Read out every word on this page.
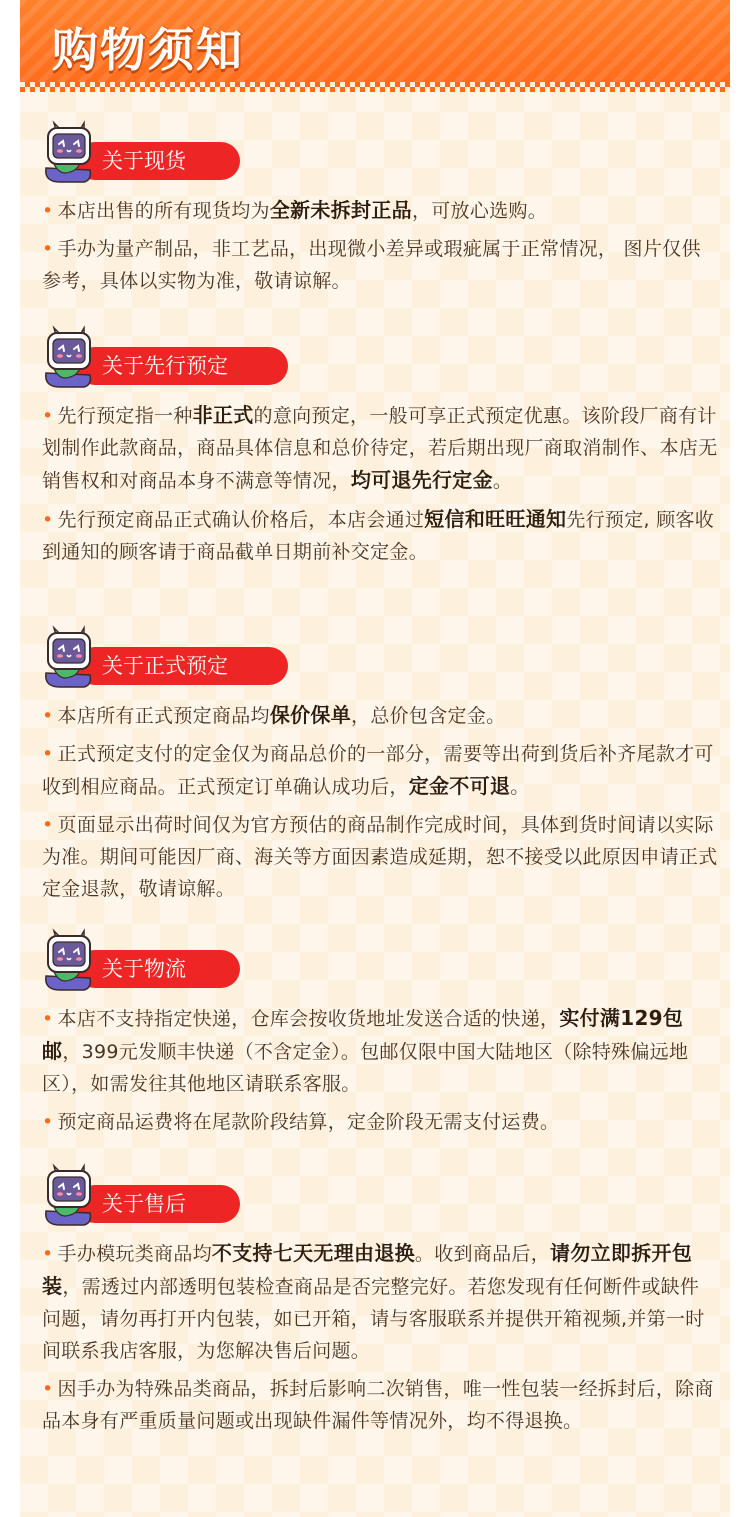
购物须知
关于现货
• 本店出售的所有现货均为全新未拆封正品，可放心选购。
• 手办为量产制品，非工艺品，出现微小差异或瑕疵属于正常情况， 图片仅供参考，具体以实物为准，敬请谅解。
关于先行预定
• 先行预定指一种非正式的意向预定，一般可享正式预定优惠。该阶段厂商有计划制作此款商品，商品具体信息和总价待定，若后期出现厂商取消制作、本店无销售权和对商品本身不满意等情况，均可退先行定金。
• 先行预定商品正式确认价格后，本店会通过短信和旺旺通知先行预定, 顾客收到通知的顾客请于商品截单日期前补交定金。
关于正式预定
• 本店所有正式预定商品均保价保单，总价包含定金。
• 正式预定支付的定金仅为商品总价的一部分，需要等出荷到货后补齐尾款才可收到相应商品。正式预定订单确认成功后，定金不可退。
• 页面显示出荷时间仅为官方预估的商品制作完成时间，具体到货时间请以实际为准。期间可能因厂商、海关等方面因素造成延期，恕不接受以此原因申请正式定金退款，敬请谅解。
关于物流
• 本店不支持指定快递，仓库会按收货地址发送合适的快递，实付满129包邮，399元发顺丰快递（不含定金）。包邮仅限中国大陆地区（除特殊偏远地区），如需发往其他地区请联系客服。
• 预定商品运费将在尾款阶段结算，定金阶段无需支付运费。
关于售后
• 手办模玩类商品均不支持七天无理由退换。收到商品后，请勿立即拆开包装，需透过内部透明包装检查商品是否完整完好。若您发现有任何断件或缺件问题，请勿再打开内包装，如已开箱，请与客服联系并提供开箱视频,并第一时间联系我店客服，为您解决售后问题。
• 因手办为特殊品类商品，拆封后影响二次销售，唯一性包装一经拆封后，除商品本身有严重质量问题或出现缺件漏件等情况外，均不得退换。
